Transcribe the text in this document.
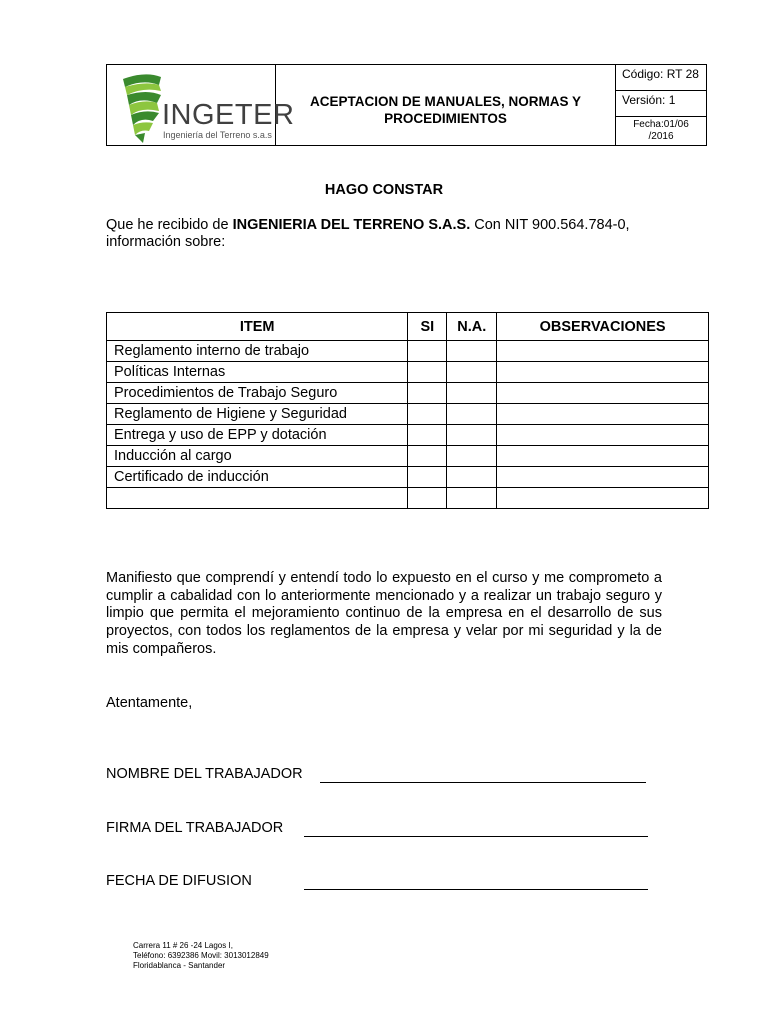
INGETER
Ingeniería del Terreno s.a.s
ACEPTACION DE MANUALES, NORMAS Y
PROCEDIMIENTOS
Código: RT 28
Versión: 1
Fecha:01/06
/2016
HAGO CONSTAR
Que he recibido de INGENIERIA DEL TERRENO S.A.S. Con NIT 900.564.784-0, información sobre:
ITEM	SI	N.A.	OBSERVACIONES
Reglamento interno de trabajo			
Políticas Internas			
Procedimientos de Trabajo Seguro			
Reglamento de Higiene y Seguridad			
Entrega y uso de EPP y dotación			
Inducción al cargo			
Certificado de inducción			

Manifiesto que comprendí y entendí todo lo expuesto en el curso y me comprometo a cumplir a cabalidad con lo anteriormente mencionado y a realizar un trabajo seguro y limpio que permita el mejoramiento continuo de la empresa en el desarrollo de sus proyectos, con todos los reglamentos de la empresa y velar por mi seguridad y la de mis compañeros.
Atentamente,
NOMBRE DEL TRABAJADOR
FIRMA DEL TRABAJADOR
FECHA DE DIFUSION
Carrera 11 # 26 -24 Lagos I,
Teléfono: 6392386 Movil: 3013012849
Floridablanca - Santander
